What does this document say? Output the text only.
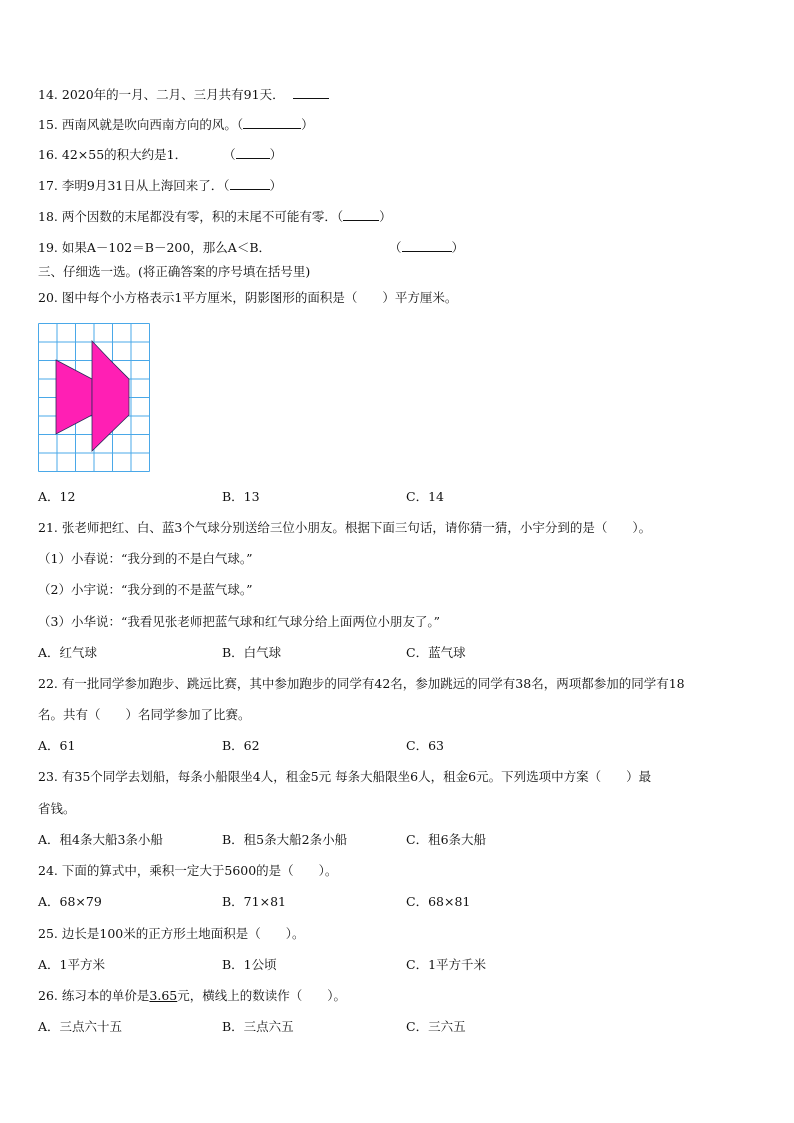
14. 2020年的一月、二月、三月共有91天．
15. 西南风就是吹向西南方向的风。（	）
16. 42×55的积大约是1．	（	）
17. 李明9月31日从上海回来了．（	）
18. 两个因数的末尾都没有零，积的末尾不可能有零．（	）
19. 如果A－102＝B－200，那么A＜B．	（	）
三、仔细选一选。(将正确答案的序号填在括号里)
20. 图中每个小方格表示1平方厘米，阴影图形的面积是（　　）平方厘米。
A．12	B．13	C．14
21. 张老师把红、白、蓝3个气球分别送给三位小朋友。根据下面三句话，请你猜一猜，小宇分到的是（　　）。
（1）小春说：“我分到的不是白气球。”
（2）小宇说：“我分到的不是蓝气球。”
（3）小华说：“我看见张老师把蓝气球和红气球分给上面两位小朋友了。”
A．红气球	B．白气球	C．蓝气球
22. 有一批同学参加跑步、跳远比赛，其中参加跑步的同学有42名，参加跳远的同学有38名，两项都参加的同学有18
名。共有（　　）名同学参加了比赛。
A．61	B．62	C．63
23. 有35个同学去划船，每条小船限坐4人，租金5元 每条大船限坐6人，租金6元。下列选项中方案（　　）最
省钱。
A．租4条大船3条小船	B．租5条大船2条小船	C．租6条大船
24. 下面的算式中，乘积一定大于5600的是（　　）。
A．68×79	B．71×81	C．68×81
25. 边长是100米的正方形土地面积是（　　）。
A．1平方米	B．1公顷	C．1平方千米
26. 练习本的单价是3.65元，横线上的数读作（　　）。
A．三点六十五	B．三点六五	C．三六五
